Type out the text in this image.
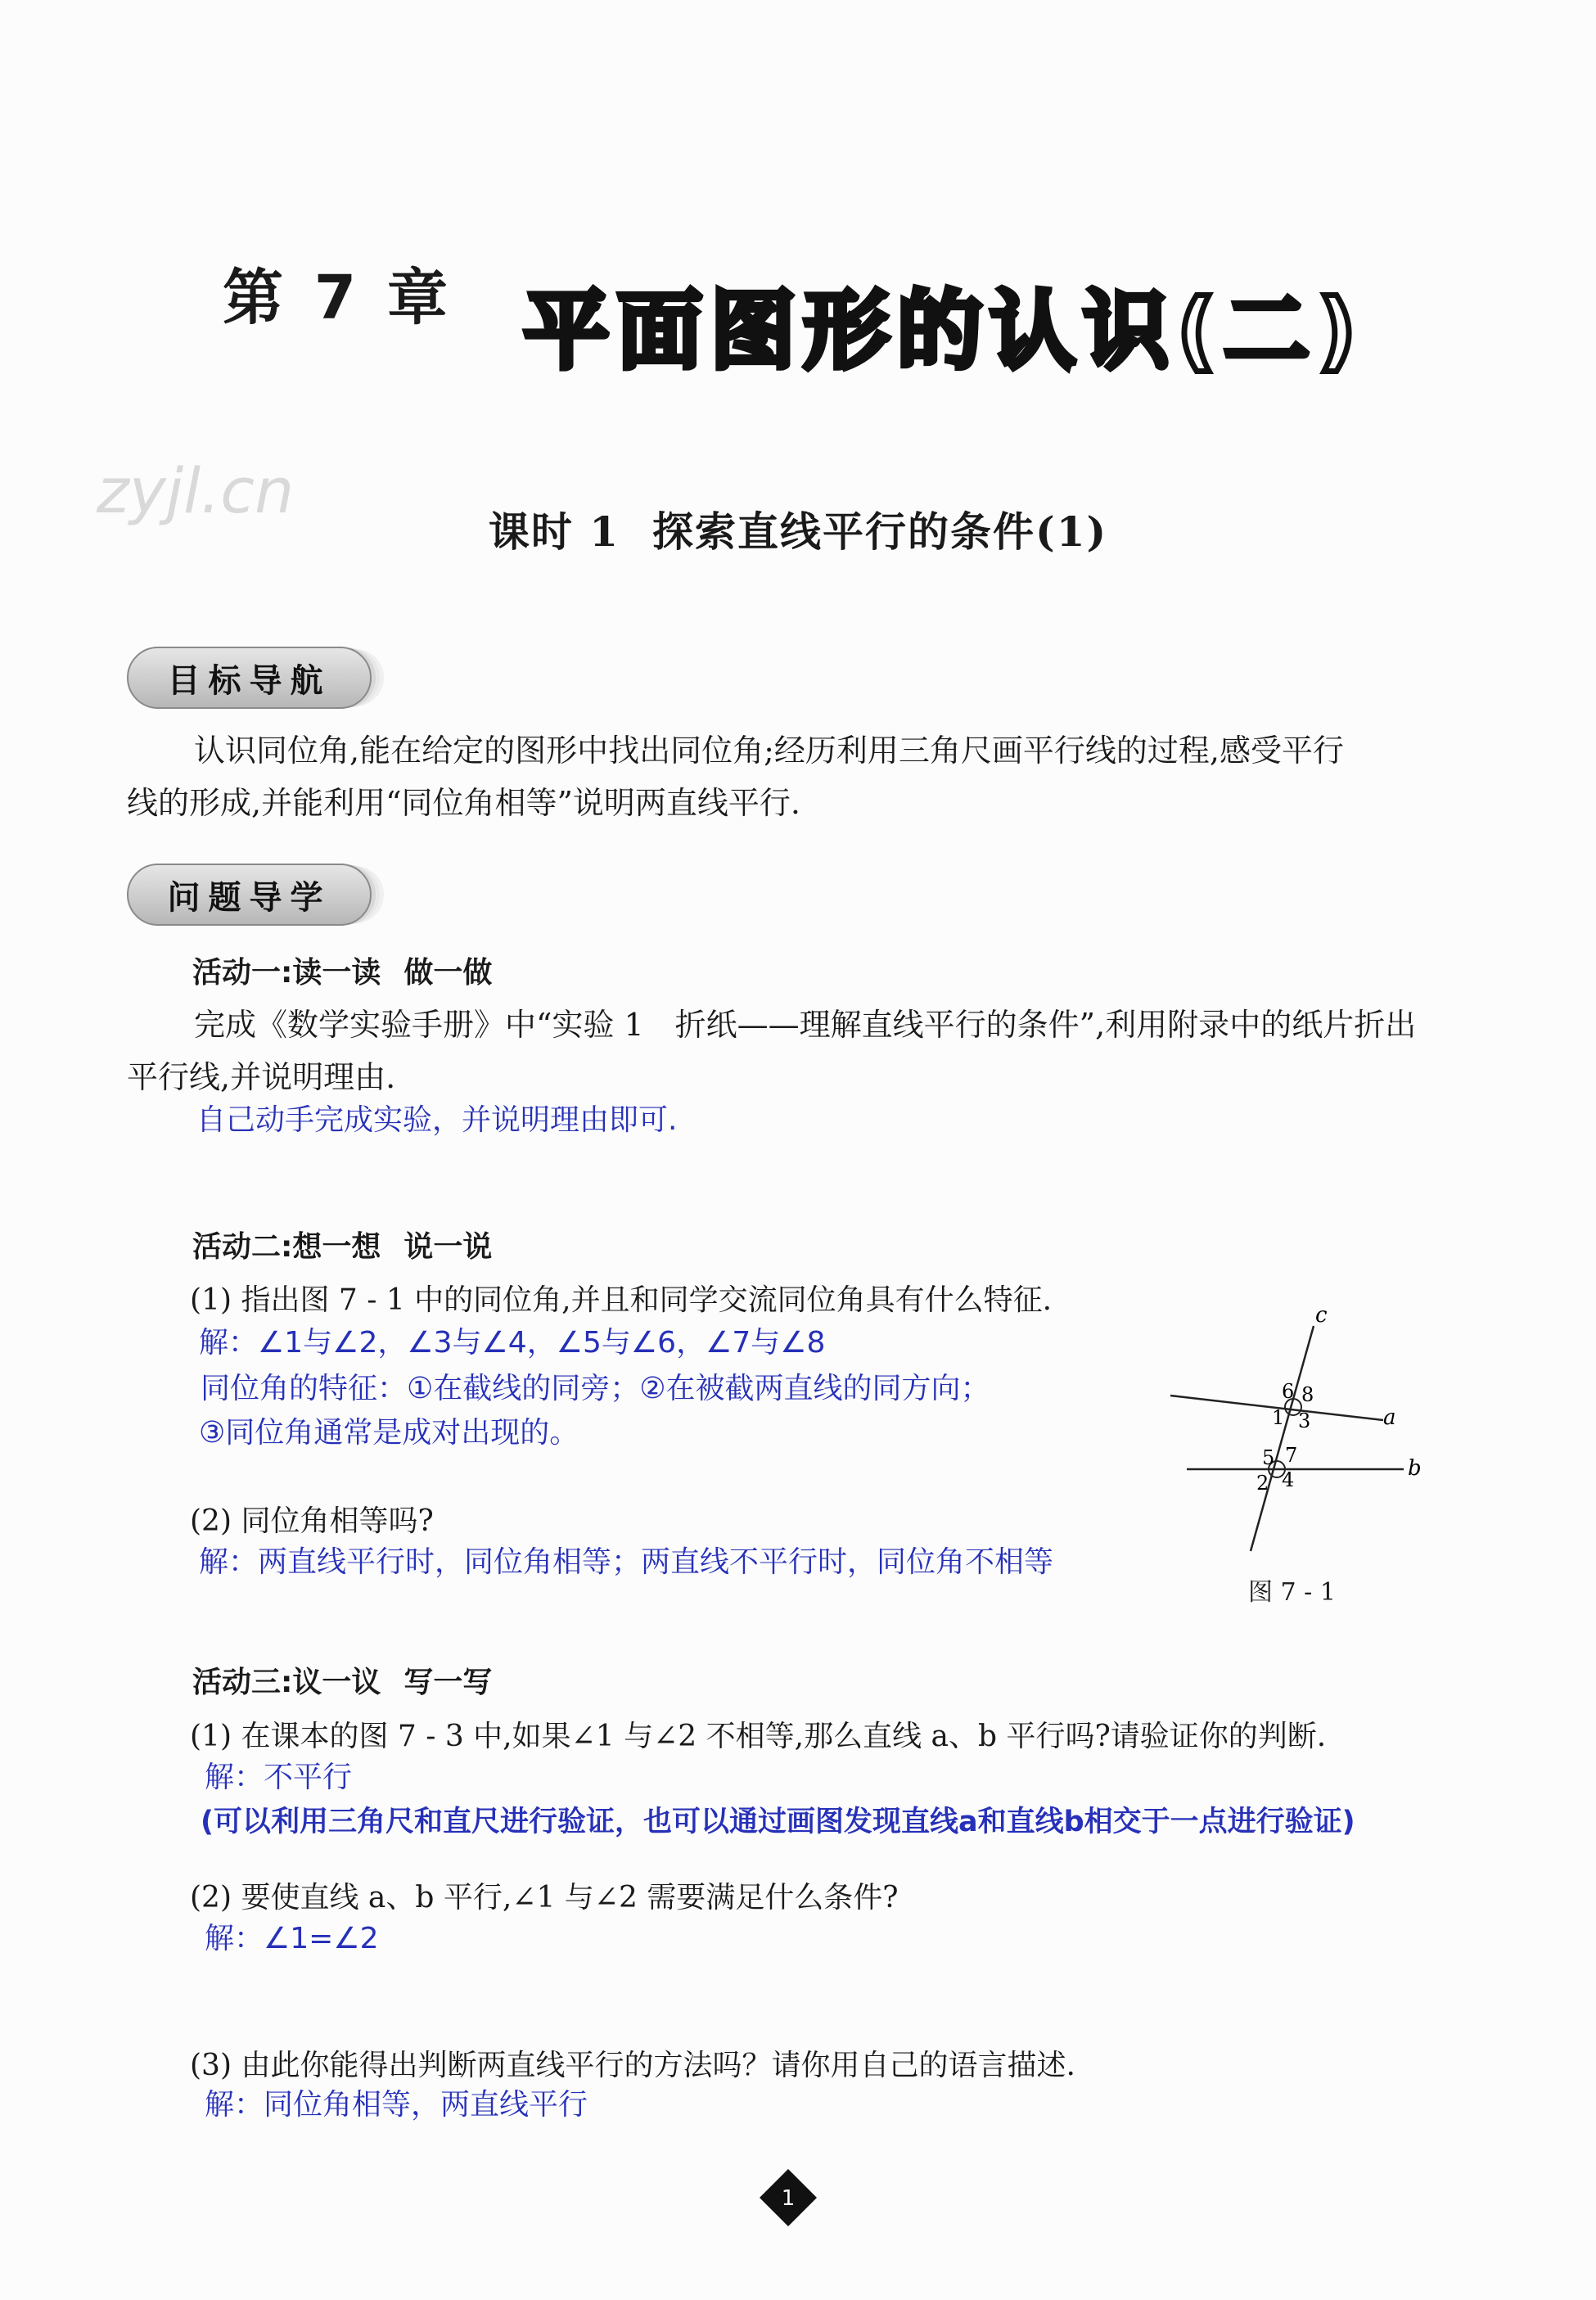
第 7 章 平面图形的认识(二)
zyjl.cn
课时 1 探索直线平行的条件(1)
目标导航
认识同位角,能在给定的图形中找出同位角;经历利用三角尺画平行线的过程,感受平行
线的形成,并能利用“同位角相等”说明两直线平行.
问题导学
活动一:读一读 做一做
完成《数学实验手册》中“实验 1　折纸——理解直线平行的条件”,利用附录中的纸片折出
平行线,并说明理由.
自己动手完成实验，并说明理由即可.
活动二:想一想 说一说
(1) 指出图 7 - 1 中的同位角,并且和同学交流同位角具有什么特征.
解：∠1与∠2，∠3与∠4，∠5与∠6，∠7与∠8
同位角的特征：①在截线的同旁；②在被截两直线的同方向；
③同位角通常是成对出现的。
(2) 同位角相等吗?
解：两直线平行时，同位角相等；两直线不平行时，同位角不相等
c
a
b
6 8
1 3
5 7
2 4
图 7 - 1
活动三:议一议 写一写
(1) 在课本的图 7 - 3 中,如果∠1 与∠2 不相等,那么直线 a、b 平行吗?请验证你的判断.
解：不平行
(可以利用三角尺和直尺进行验证，也可以通过画图发现直线a和直线b相交于一点进行验证)
(2) 要使直线 a、b 平行,∠1 与∠2 需要满足什么条件?
解：∠1=∠2
(3) 由此你能得出判断两直线平行的方法吗？请你用自己的语言描述.
解：同位角相等，两直线平行
1
